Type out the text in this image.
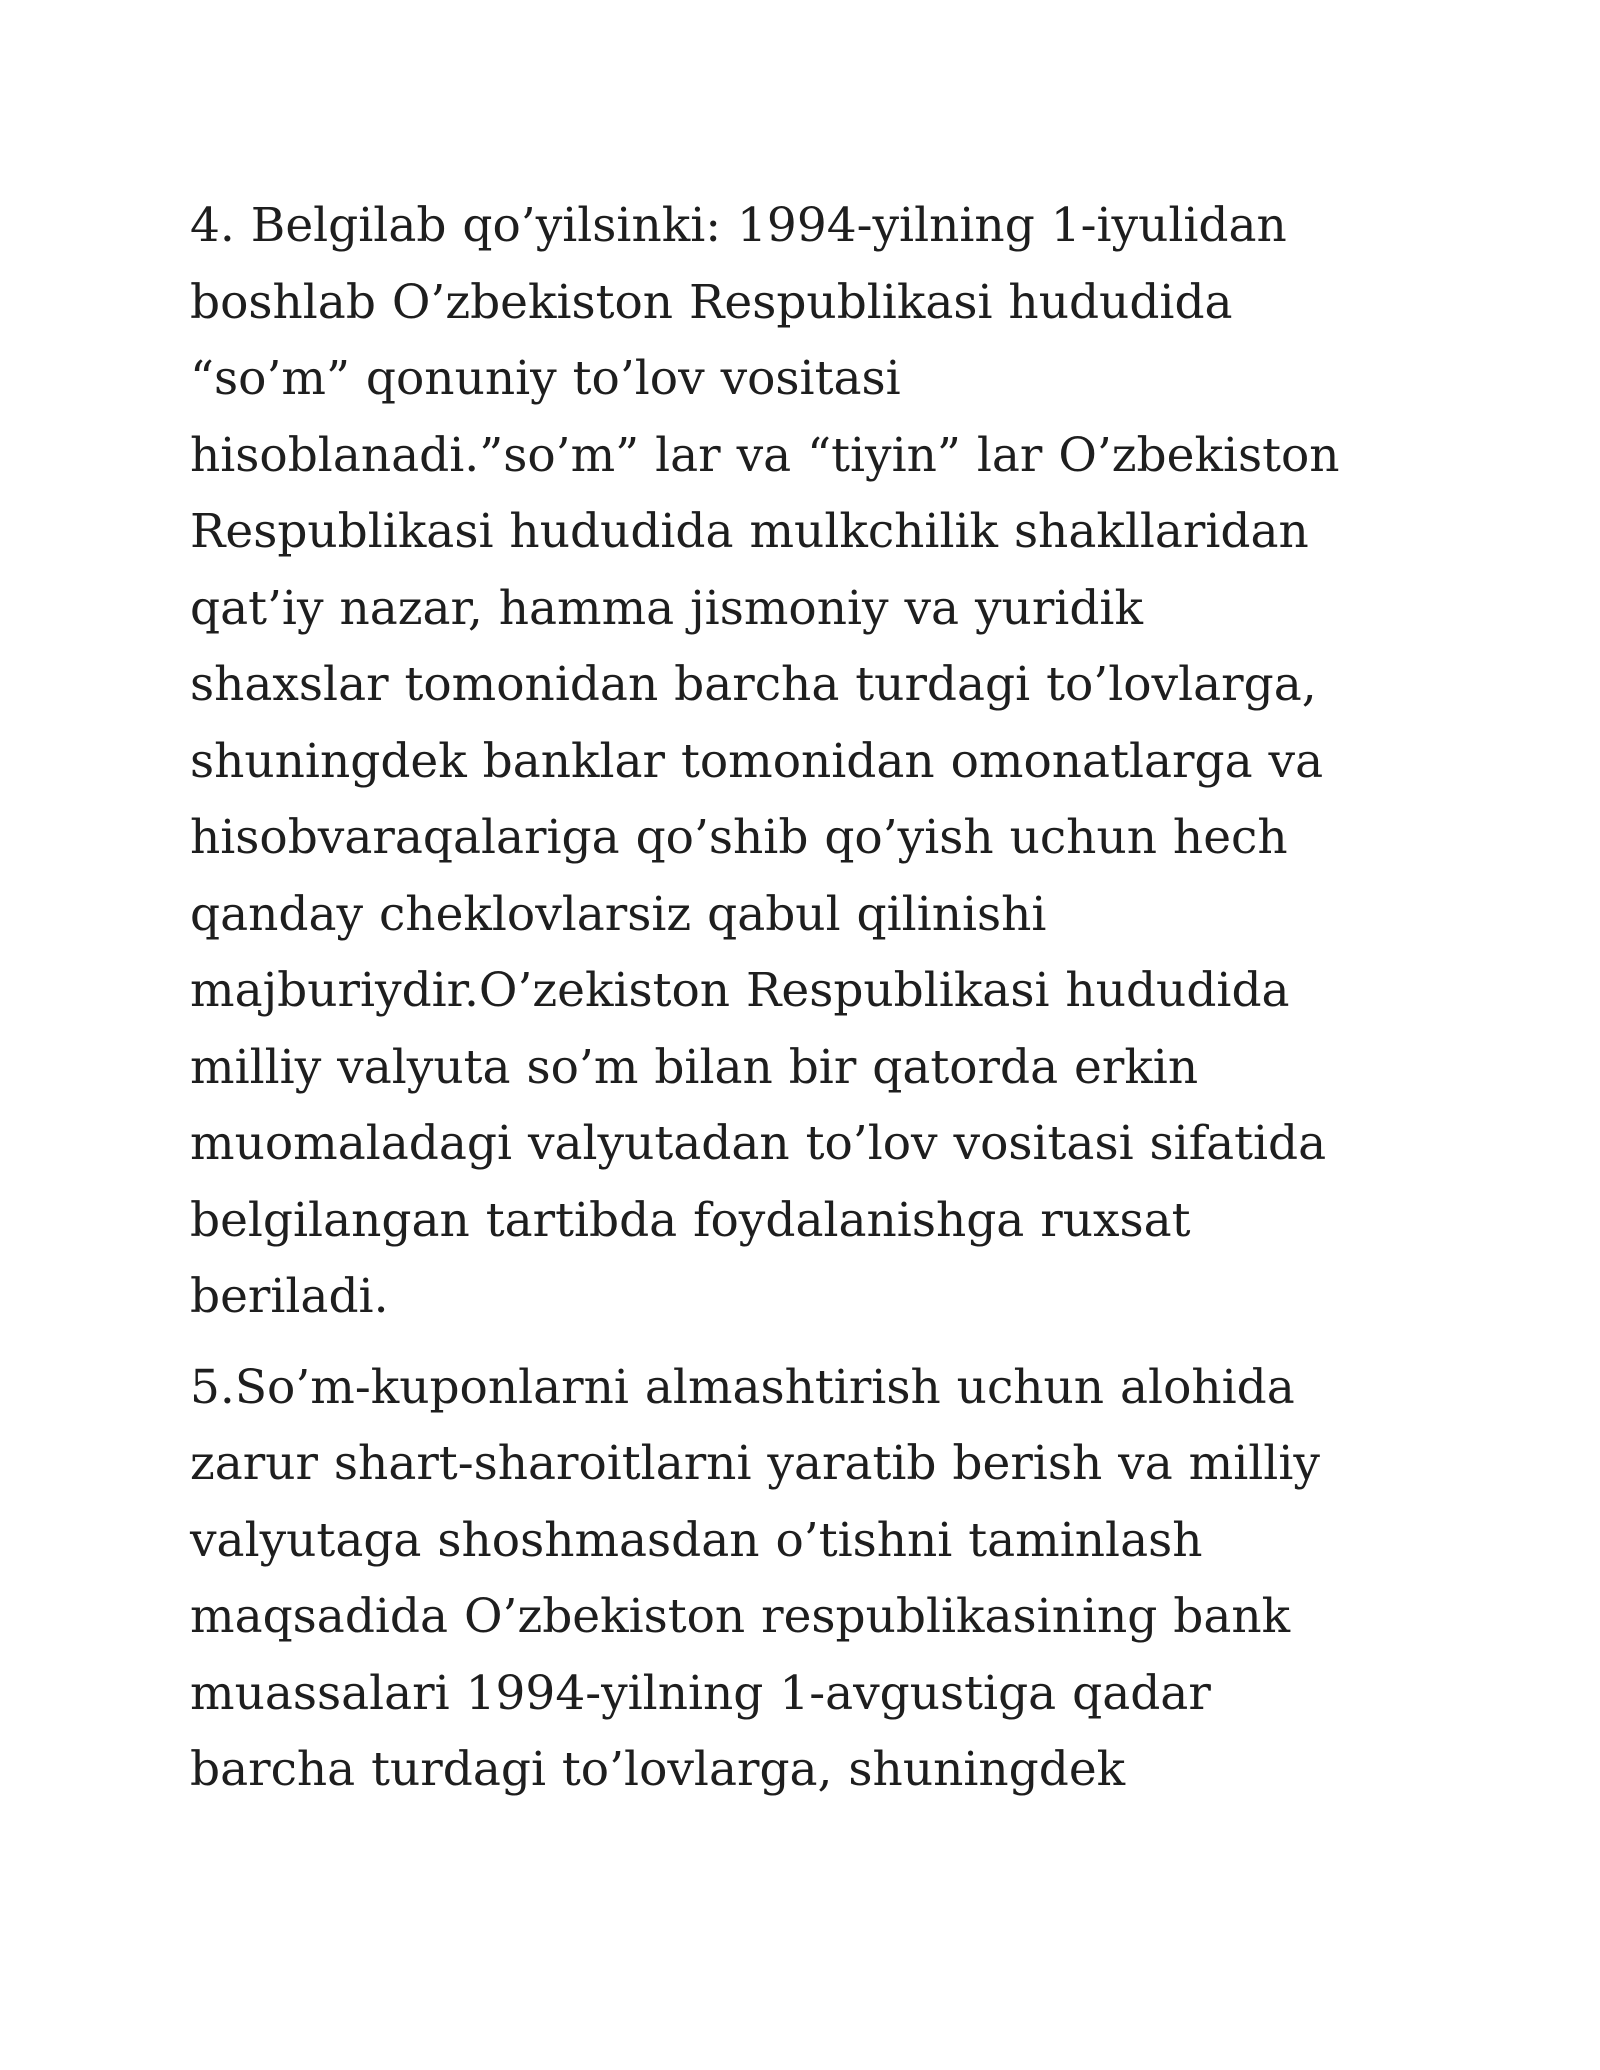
4. Belgilab qo’yilsinki: 1994-yilning 1-iyulidan
boshlab O’zbekiston Respublikasi hududida
“so’m” qonuniy to’lov vositasi
hisoblanadi.”so’m” lar va “tiyin” lar O’zbekiston
Respublikasi hududida mulkchilik shakllaridan
qat’iy nazar, hamma jismoniy va yuridik
shaxslar tomonidan barcha turdagi to’lovlarga,
shuningdek banklar tomonidan omonatlarga va
hisobvaraqalariga qo’shib qo’yish uchun hech
qanday cheklovlarsiz qabul qilinishi
majburiydir.O’zekiston Respublikasi hududida
milliy valyuta so’m bilan bir qatorda erkin
muomaladagi valyutadan to’lov vositasi sifatida
belgilangan tartibda foydalanishga ruxsat
beriladi.

5.So’m-kuponlarni almashtirish uchun alohida
zarur shart-sharoitlarni yaratib berish va milliy
valyutaga shoshmasdan o’tishni taminlash
maqsadida O’zbekiston respublikasining bank
muassalari 1994-yilning 1-avgustiga qadar
barcha turdagi to’lovlarga, shuningdek
